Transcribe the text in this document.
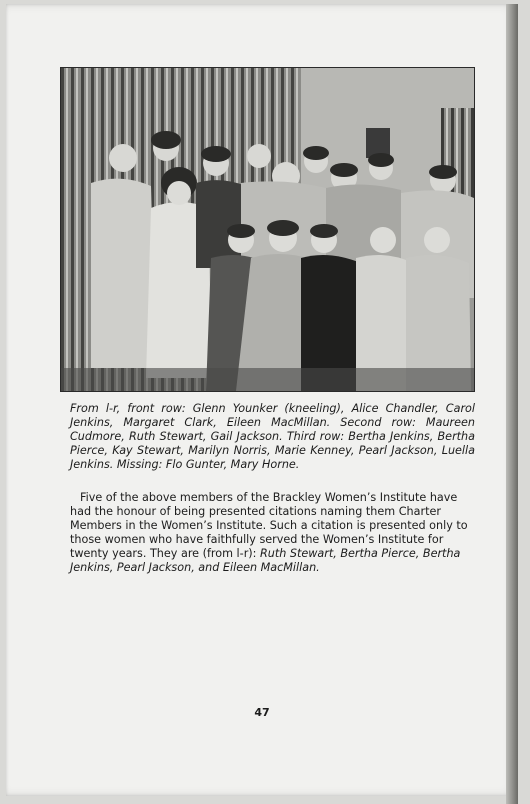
From l-r, front row: Glenn Younker (kneeling), Alice Chandler, Carol Jenkins, Margaret Clark, Eileen MacMillan. Second row: Maureen Cudmore, Ruth Stewart, Gail Jackson. Third row: Bertha Jenkins, Bertha Pierce, Kay Stewart, Marilyn Norris, Marie Kenney, Pearl Jackson, Luella Jenkins. Missing: Flo Gunter, Mary Horne.

Five of the above members of the Brackley Women’s Institute have had the honour of being presented citations naming them Charter Members in the Women’s Institute. Such a citation is presented only to those women who have faithfully served the Women’s Institute for twenty years. They are (from l-r): Ruth Stewart, Bertha Pierce, Bertha Jenkins, Pearl Jackson, and Eileen MacMillan.

47
